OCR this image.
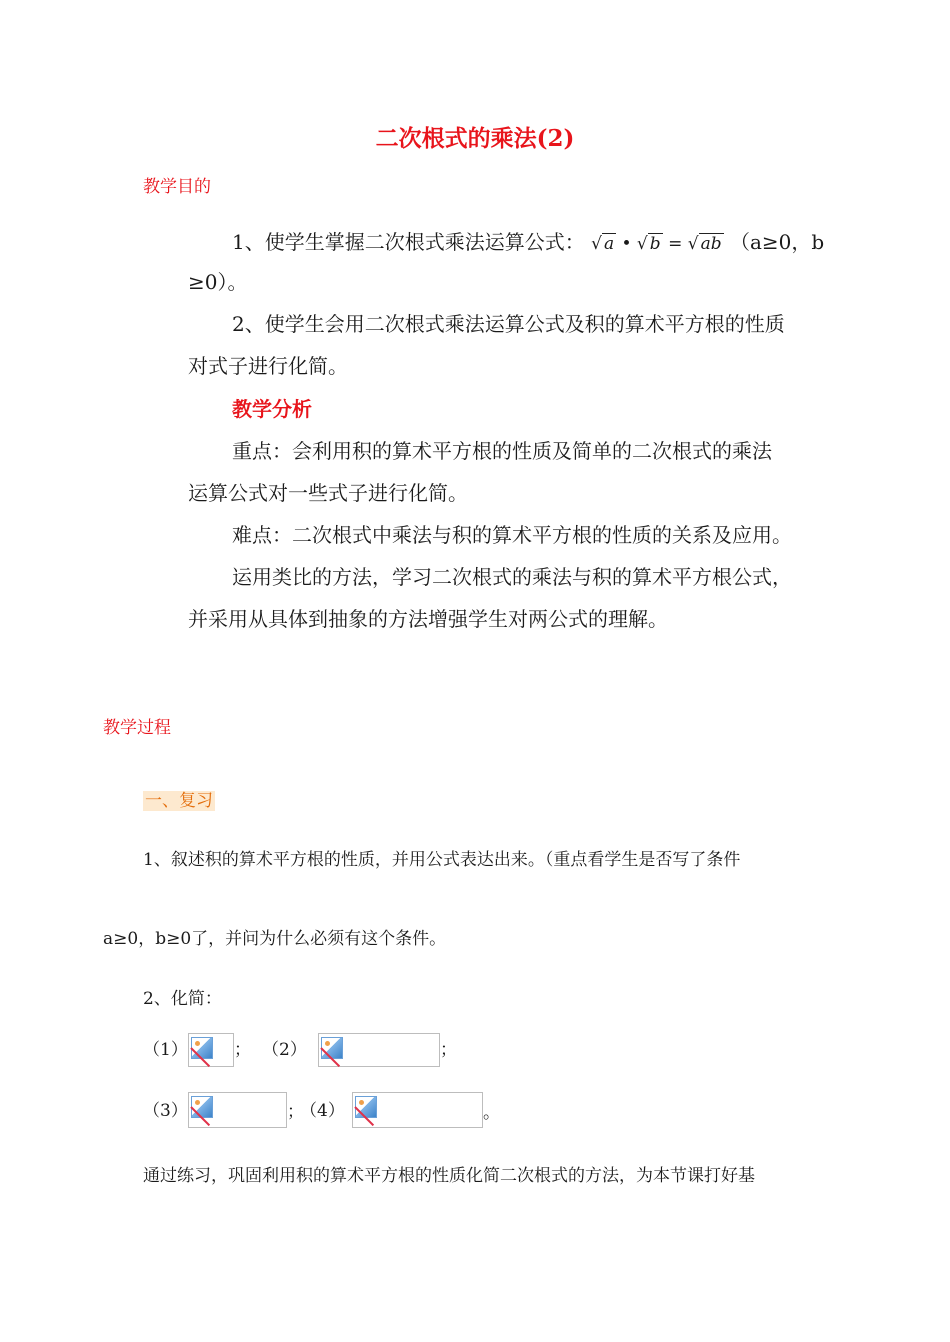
二次根式的乘法(2)
教学目的
1、使学生掌握二次根式乘法运算公式： √ a • √ b = √ ab （a≥0，b
≥0）。
2、使学生会用二次根式乘法运算公式及积的算术平方根的性质
对式子进行化简。
教学分析
重点：会利用积的算术平方根的性质及简单的二次根式的乘法
运算公式对一些式子进行化简。
难点：二次根式中乘法与积的算术平方根的性质的关系及应用。
运用类比的方法，学习二次根式的乘法与积的算术平方根公式，
并采用从具体到抽象的方法增强学生对两公式的理解。
教学过程
一、复习
1、叙述积的算术平方根的性质，并用公式表达出来。（重点看学生是否写了条件
a≥0，b≥0了，并问为什么必须有这个条件。
2、化简：
（1）	； （2）	；
（3）	；
（4）	。
通过练习，巩固利用积的算术平方根的性质化简二次根式的方法，为本节课打好基
